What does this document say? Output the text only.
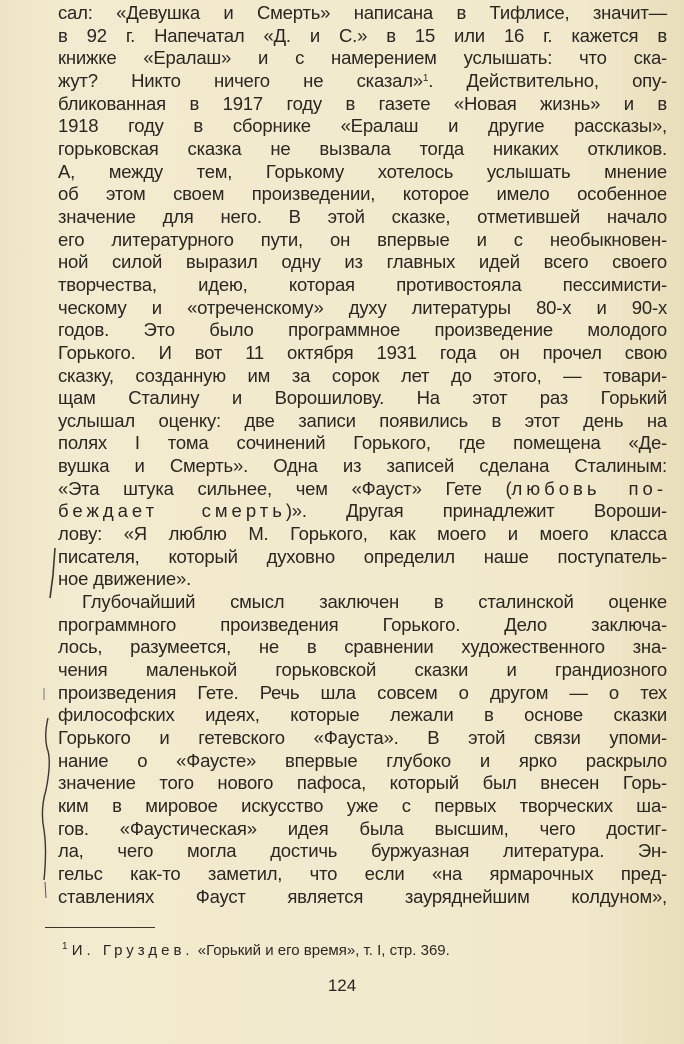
сал: «Девушка и Смерть» написана в Тифлисе, значит—
в 92 г. Напечатал «Д. и С.» в 15 или 16 г. кажется в
книжке «Ералаш» и с намерением услышать: что ска-
жут? Никто ничего не сказал»$^1$. Действительно, опу-
бликованная в 1917 году в газете «Новая жизнь» и в
1918 году в сборнике «Ералаш и другие рассказы»,
горьковская сказка не вызвала тогда никаких откликов.
А, между тем, Горькому хотелось услышать мнение
об этом своем произведении, которое имело особенное
значение для него. В этой сказке, отметившей начало
его литературного пути, он впервые и с необыкновен-
ной силой выразил одну из главных идей всего своего
творчества, идею, которая противостояла пессимисти-
ческому и «отреченскому» духу литературы 80-х и 90-х
годов. Это было программное произведение молодого
Горького. И вот 11 октября 1931 года он прочел свою
сказку, созданную им за сорок лет до этого, — товари-
щам Сталину и Ворошилову. На этот раз Горький
услышал оценку: две записи появились в этот день на
полях I тома сочинений Горького, где помещена «Де-
вушка и Смерть». Одна из записей сделана Сталиным:
«Эта штука сильнее, чем «Фауст» Гете (любовь по-
беждает смерть)». Другая принадлежит Вороши-
лову: «Я люблю М. Горького, как моего и моего класса
писателя, который духовно определил наше поступатель-
ное движение».
Глубочайший смысл заключен в сталинской оценке
программного произведения Горького. Дело заключа-
лось, разумеется, не в сравнении художественного зна-
чения маленькой горьковской сказки и грандиозного
произведения Гете. Речь шла совсем о другом — о тех
философских идеях, которые лежали в основе сказки
Горького и гетевского «Фауста». В этой связи упоми-
нание о «Фаусте» впервые глубоко и ярко раскрыло
значение того нового пафоса, который был внесен Горь-
ким в мировое искусство уже с первых творческих ша-
гов. «Фаустическая» идея была высшим, чего достиг-
ла, чего могла достичь буржуазная литература. Эн-
гельс как-то заметил, что если «на ярмарочных пред-
ставлениях Фауст является зауряднейшим колдуном»,
$^1$ И. Груздев. «Горький и его время», т. I, стр. 369.
124
